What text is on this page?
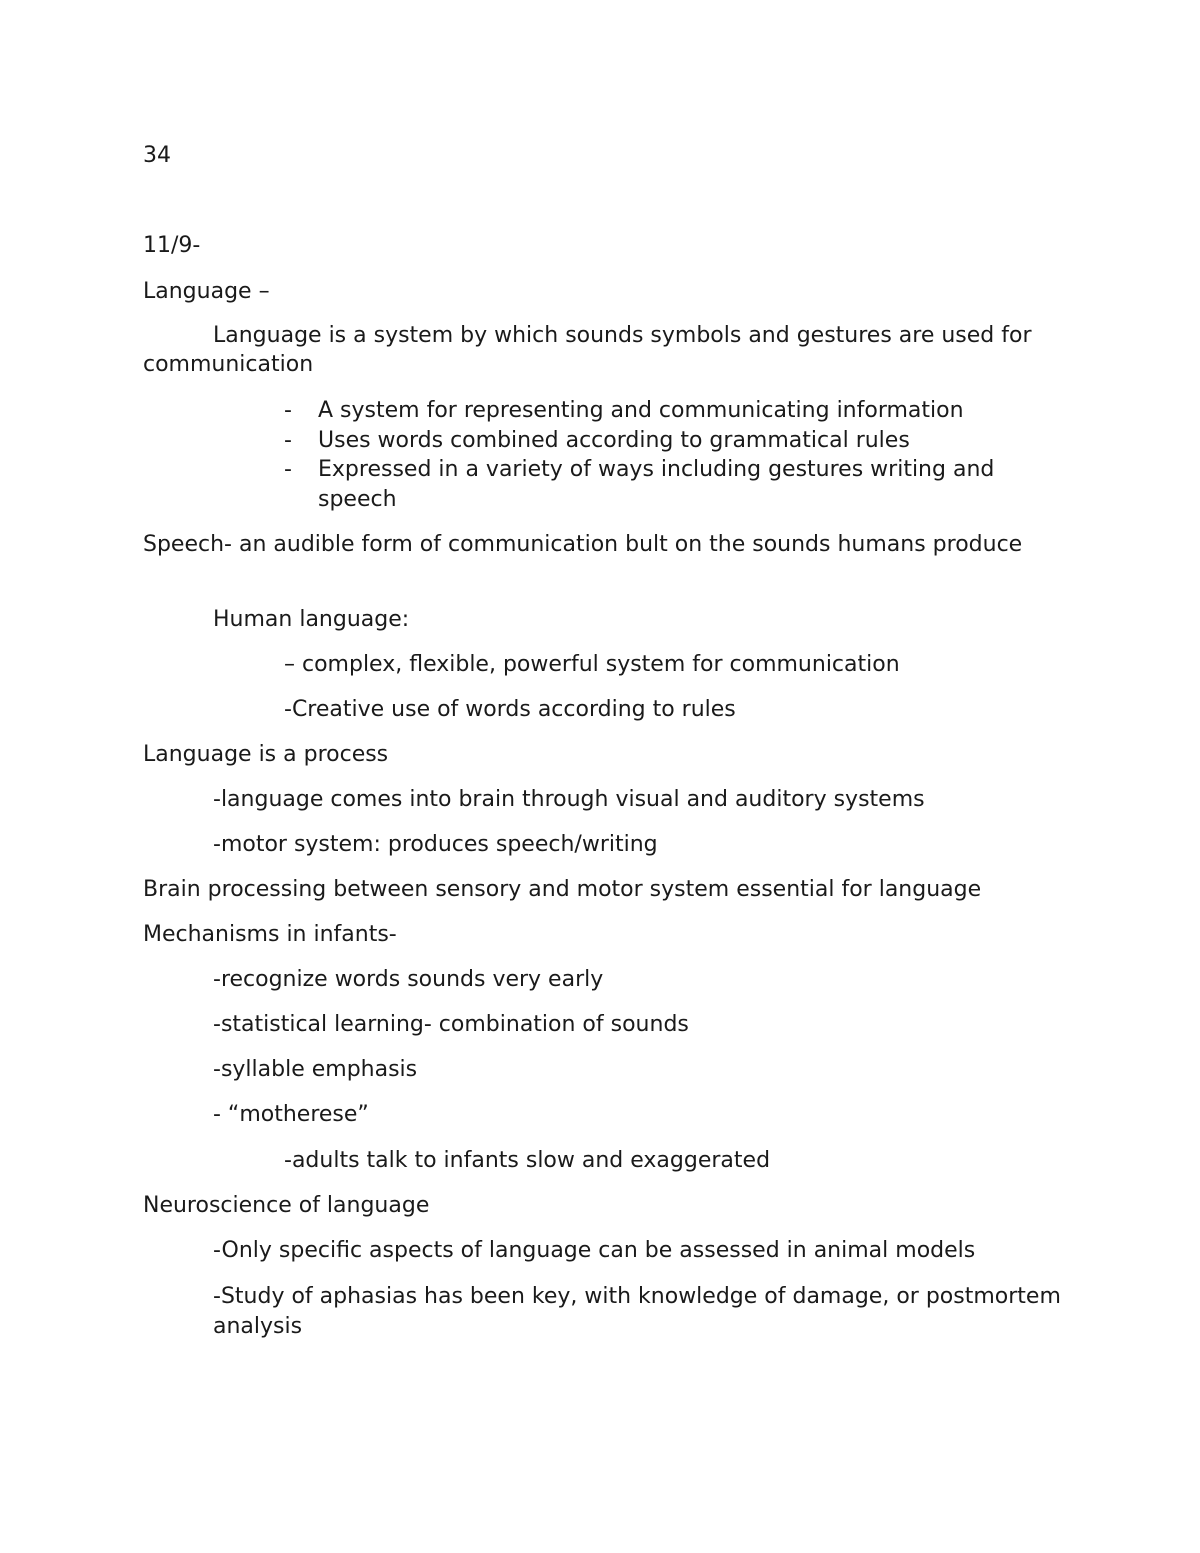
34

11/9-

Language –

Language is a system by which sounds symbols and gestures are used for communication

- A system for representing and communicating information
- Uses words combined according to grammatical rules
- Expressed in a variety of ways including gestures writing and speech

Speech- an audible form of communication bult on the sounds humans produce

Human language:

– complex, flexible, powerful system for communication

-Creative use of words according to rules

Language is a process

-language comes into brain through visual and auditory systems

-motor system: produces speech/writing

Brain processing between sensory and motor system essential for language

Mechanisms in infants-

-recognize words sounds very early

-statistical learning- combination of sounds

-syllable emphasis

- “motherese”

-adults talk to infants slow and exaggerated

Neuroscience of language

-Only specific aspects of language can be assessed in animal models

-Study of aphasias has been key, with knowledge of damage, or postmortem analysis
